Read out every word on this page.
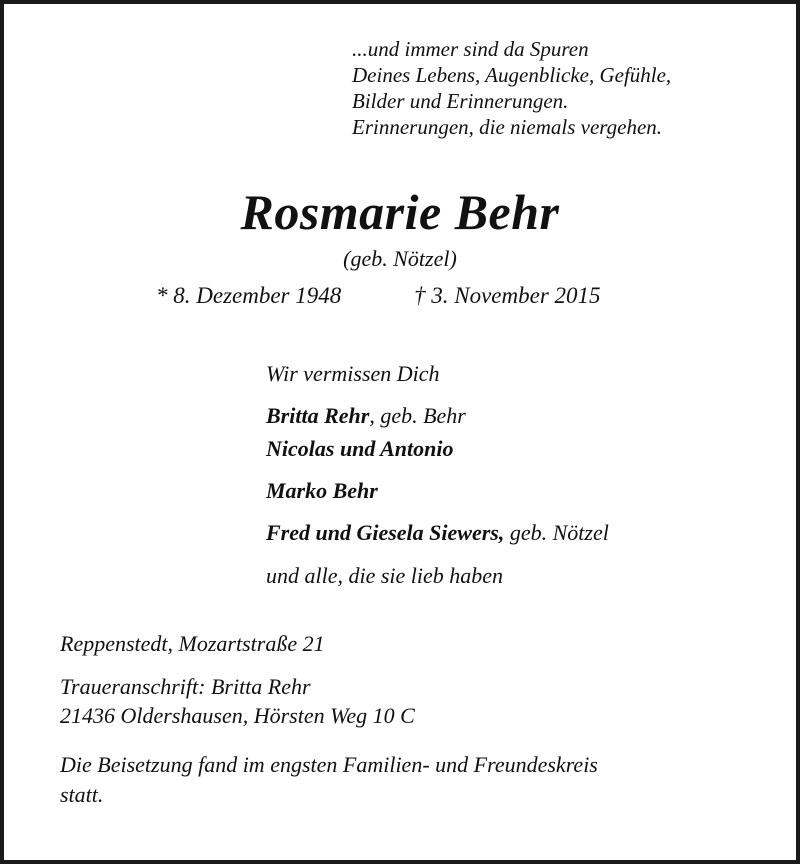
...und immer sind da Spuren
Deines Lebens, Augenblicke, Gefühle,
Bilder und Erinnerungen.
Erinnerungen, die niemals vergehen.
Rosmarie Behr
(geb. Nötzel)
* 8. Dezember 1948	† 3. November 2015
Wir vermissen Dich
Britta Rehr, geb. Behr
Nicolas und Antonio
Marko Behr
Fred und Giesela Siewers, geb. Nötzel
und alle, die sie lieb haben
Reppenstedt, Mozartstraße 21
Traueranschrift: Britta Rehr
21436 Oldershausen, Hörsten Weg 10 C
Die Beisetzung fand im engsten Familien- und Freundeskreis
statt.
